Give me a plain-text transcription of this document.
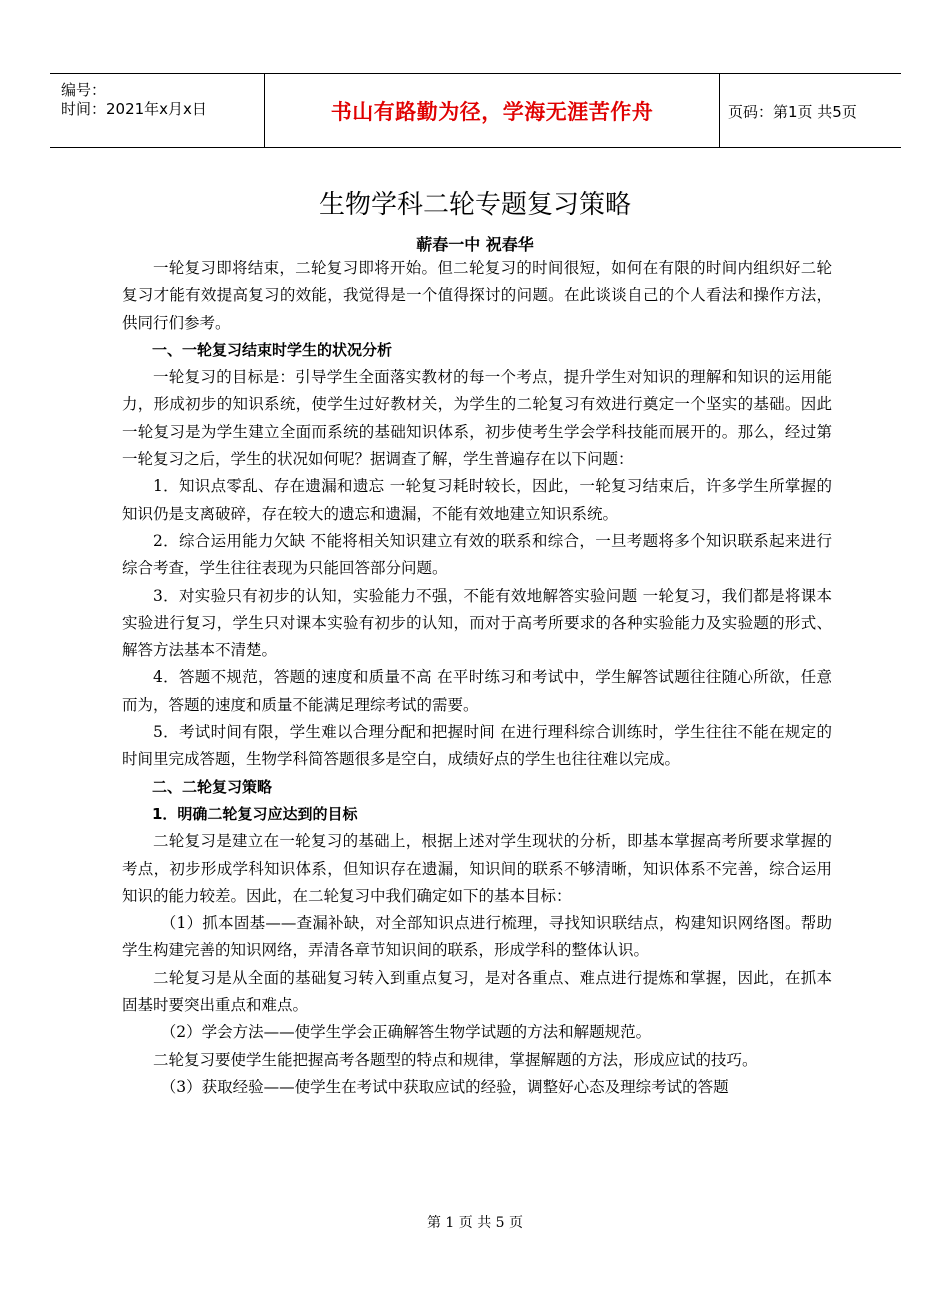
编号：
时间：2021年x月x日	书山有路勤为径，学海无涯苦作舟	页码：第1页 共5页
生物学科二轮专题复习策略
蕲春一中 祝春华

一轮复习即将结束，二轮复习即将开始。但二轮复习的时间很短，如何在有限的时间内组织好二轮复习才能有效提高复习的效能，我觉得是一个值得探讨的问题。在此谈谈自己的个人看法和操作方法，供同行们参考。

一、一轮复习结束时学生的状况分析

一轮复习的目标是：引导学生全面落实教材的每一个考点，提升学生对知识的理解和知识的运用能力，形成初步的知识系统，使学生过好教材关，为学生的二轮复习有效进行奠定一个坚实的基础。因此一轮复习是为学生建立全面而系统的基础知识体系，初步使考生学会学科技能而展开的。那么，经过第一轮复习之后，学生的状况如何呢？据调查了解，学生普遍存在以下问题：

1．知识点零乱、存在遗漏和遗忘 一轮复习耗时较长，因此，一轮复习结束后，许多学生所掌握的知识仍是支离破碎，存在较大的遗忘和遗漏，不能有效地建立知识系统。

2．综合运用能力欠缺 不能将相关知识建立有效的联系和综合，一旦考题将多个知识联系起来进行综合考查，学生往往表现为只能回答部分问题。

3．对实验只有初步的认知，实验能力不强，不能有效地解答实验问题 一轮复习，我们都是将课本实验进行复习，学生只对课本实验有初步的认知，而对于高考所要求的各种实验能力及实验题的形式、解答方法基本不清楚。

4．答题不规范，答题的速度和质量不高 在平时练习和考试中，学生解答试题往往随心所欲，任意而为，答题的速度和质量不能满足理综考试的需要。

5．考试时间有限，学生难以合理分配和把握时间 在进行理科综合训练时，学生往往不能在规定的时间里完成答题，生物学科简答题很多是空白，成绩好点的学生也往往难以完成。

二、二轮复习策略

1．明确二轮复习应达到的目标

二轮复习是建立在一轮复习的基础上，根据上述对学生现状的分析，即基本掌握高考所要求掌握的考点，初步形成学科知识体系，但知识存在遗漏，知识间的联系不够清晰，知识体系不完善，综合运用知识的能力较差。因此，在二轮复习中我们确定如下的基本目标：

（1）抓本固基——查漏补缺，对全部知识点进行梳理，寻找知识联结点，构建知识网络图。帮助学生构建完善的知识网络，弄清各章节知识间的联系，形成学科的整体认识。

二轮复习是从全面的基础复习转入到重点复习，是对各重点、难点进行提炼和掌握，因此，在抓本固基时要突出重点和难点。

（2）学会方法——使学生学会正确解答生物学试题的方法和解题规范。

二轮复习要使学生能把握高考各题型的特点和规律，掌握解题的方法，形成应试的技巧。

（3）获取经验——使学生在考试中获取应试的经验，调整好心态及理综考试的答题

第 1 页 共 5 页
